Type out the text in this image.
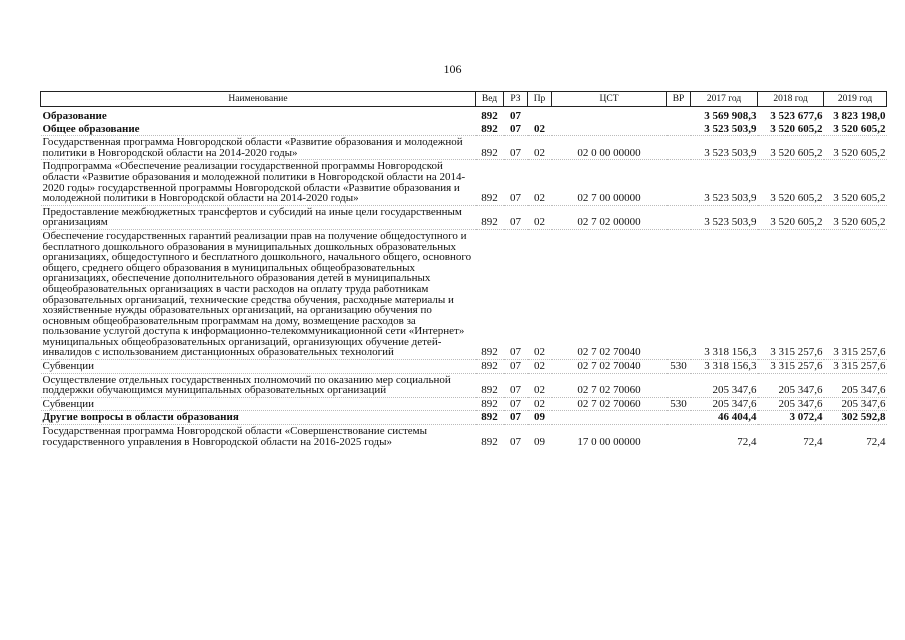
106
Наименование	Вед	РЗ	Пр	ЦСТ	ВР	2017 год	2018 год	2019 год
Образование	892	07				3 569 908,3	3 523 677,6	3 823 198,0
Общее образование	892	07	02			3 523 503,9	3 520 605,2	3 520 605,2
Государственная программа Новгородской области «Развитие образования и молодежной политики в Новгородской области на 2014-2020 годы»	892	07	02	02 0 00 00000		3 523 503,9	3 520 605,2	3 520 605,2
Подпрограмма «Обеспечение реализации государственной программы Новгородской области «Развитие образования и молодежной политики в Новгородской области на 2014-2020 годы» государственной программы Новгородской области «Развитие образования и молодежной политики в Новгородской области на 2014-2020 годы»	892	07	02	02 7 00 00000		3 523 503,9	3 520 605,2	3 520 605,2
Предоставление межбюджетных трансфертов и субсидий на иные цели государственным организациям	892	07	02	02 7 02 00000		3 523 503,9	3 520 605,2	3 520 605,2
Обеспечение государственных гарантий реализации прав на получение общедоступного и бесплатного дошкольного образования в муниципальных дошкольных образовательных организациях, общедоступного и бесплатного дошкольного, начального общего, основного общего, среднего общего образования в муниципальных общеобразовательных организациях, обеспечение дополнительного образования детей в муниципальных общеобразовательных организациях в части расходов на оплату труда работникам образовательных организаций, технические средства обучения, расходные материалы и хозяйственные нужды образовательных организаций, на организацию обучения по основным общеобразовательным программам на дому, возмещение расходов за пользование услугой доступа к информационно-телекоммуникационной сети «Интернет» муниципальных общеобразовательных организаций, организующих обучение детей-инвалидов с использованием дистанционных образовательных технологий	892	07	02	02 7 02 70040		3 318 156,3	3 315 257,6	3 315 257,6
Субвенции	892	07	02	02 7 02 70040	530	3 318 156,3	3 315 257,6	3 315 257,6
Осуществление отдельных государственных полномочий по оказанию мер социальной поддержки обучающимся муниципальных образовательных организаций	892	07	02	02 7 02 70060		205 347,6	205 347,6	205 347,6
Субвенции	892	07	02	02 7 02 70060	530	205 347,6	205 347,6	205 347,6
Другие вопросы в области образования	892	07	09			46 404,4	3 072,4	302 592,8
Государственная программа Новгородской области «Совершенствование системы государственного управления в Новгородской области на 2016-2025 годы»	892	07	09	17 0 00 00000		72,4	72,4	72,4
